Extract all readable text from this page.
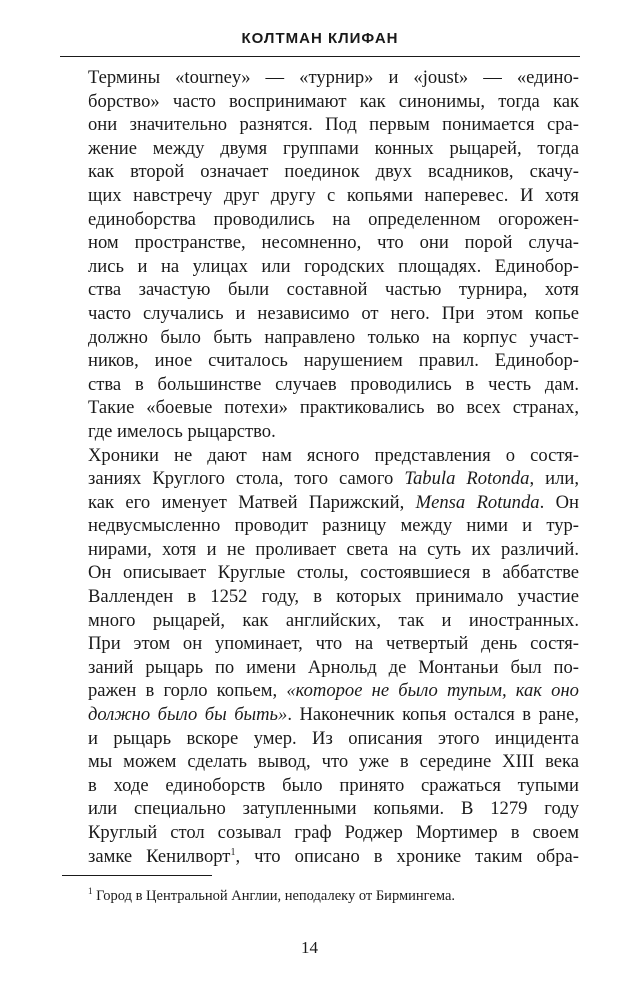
КОЛТМАН КЛИФАН

Термины «tourney» — «турнир» и «joust» — «едино-
борство» часто воспринимают как синонимы, тогда как
они значительно разнятся. Под первым понимается сра-
жение между двумя группами конных рыцарей, тогда
как второй означает поединок двух всадников, скачу-
щих навстречу друг другу с копьями наперевес. И хотя
единоборства проводились на определенном огорожен-
ном пространстве, несомненно, что они порой случа-
лись и на улицах или городских площадях. Единобор-
ства зачастую были составной частью турнира, хотя
часто случались и независимо от него. При этом копье
должно было быть направлено только на корпус участ-
ников, иное считалось нарушением правил. Единобор-
ства в большинстве случаев проводились в честь дам.
Такие «боевые потехи» практиковались во всех странах,
где имелось рыцарство.

Хроники не дают нам ясного представления о состя-
заниях Круглого стола, того самого Tabula Rotonda, или,
как его именует Матвей Парижский, Mensa Rotunda. Он
недвусмысленно проводит разницу между ними и тур-
нирами, хотя и не проливает света на суть их различий.
Он описывает Круглые столы, состоявшиеся в аббатстве
Валленден в 1252 году, в которых принимало участие
много рыцарей, как английских, так и иностранных.
При этом он упоминает, что на четвертый день состя-
заний рыцарь по имени Арнольд де Монтаньи был по-
ражен в горло копьем, «которое не было тупым, как оно
должно было бы быть». Наконечник копья остался в ране,
и рыцарь вскоре умер. Из описания этого инцидента
мы можем сделать вывод, что уже в середине XIII века
в ходе единоборств было принято сражаться тупыми
или специально затупленными копьями. В 1279 году
Круглый стол созывал граф Роджер Мортимер в своем
замке Кенилворт$^1$, что описано в хронике таким обра-

$^1$ Город в Центральной Англии, неподалеку от Бирмингема.
14
